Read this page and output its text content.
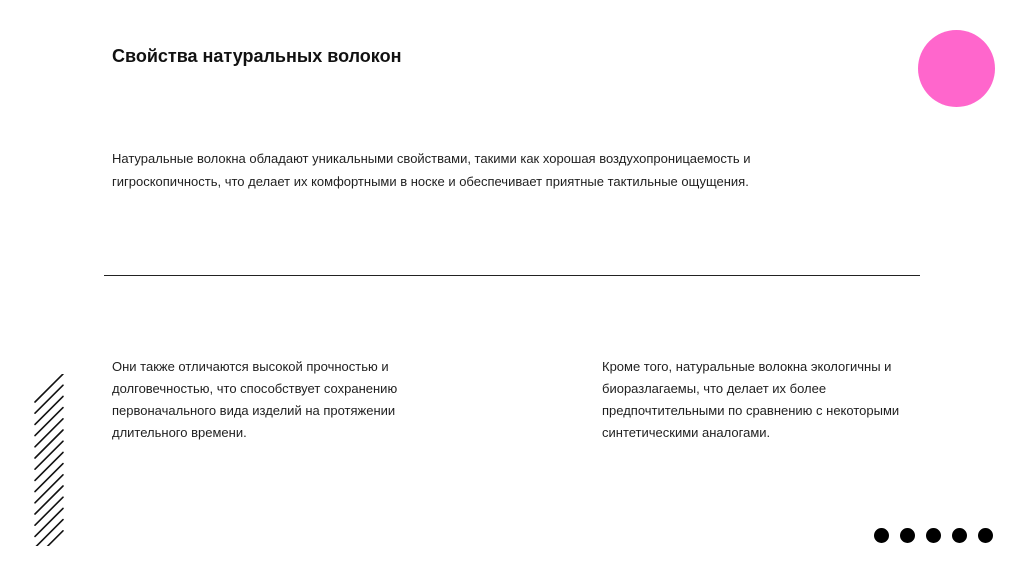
Свойства натуральных волокон

Натуральные волокна обладают уникальными свойствами, такими как хорошая воздухопроницаемость и гигроскопичность, что делает их комфортными в носке и обеспечивает приятные тактильные ощущения.

Они также отличаются высокой прочностью и долговечностью, что способствует сохранению первоначального вида изделий на протяжении длительного времени.

Кроме того, натуральные волокна экологичны и биоразлагаемы, что делает их более предпочтительными по сравнению с некоторыми синтетическими аналогами.
